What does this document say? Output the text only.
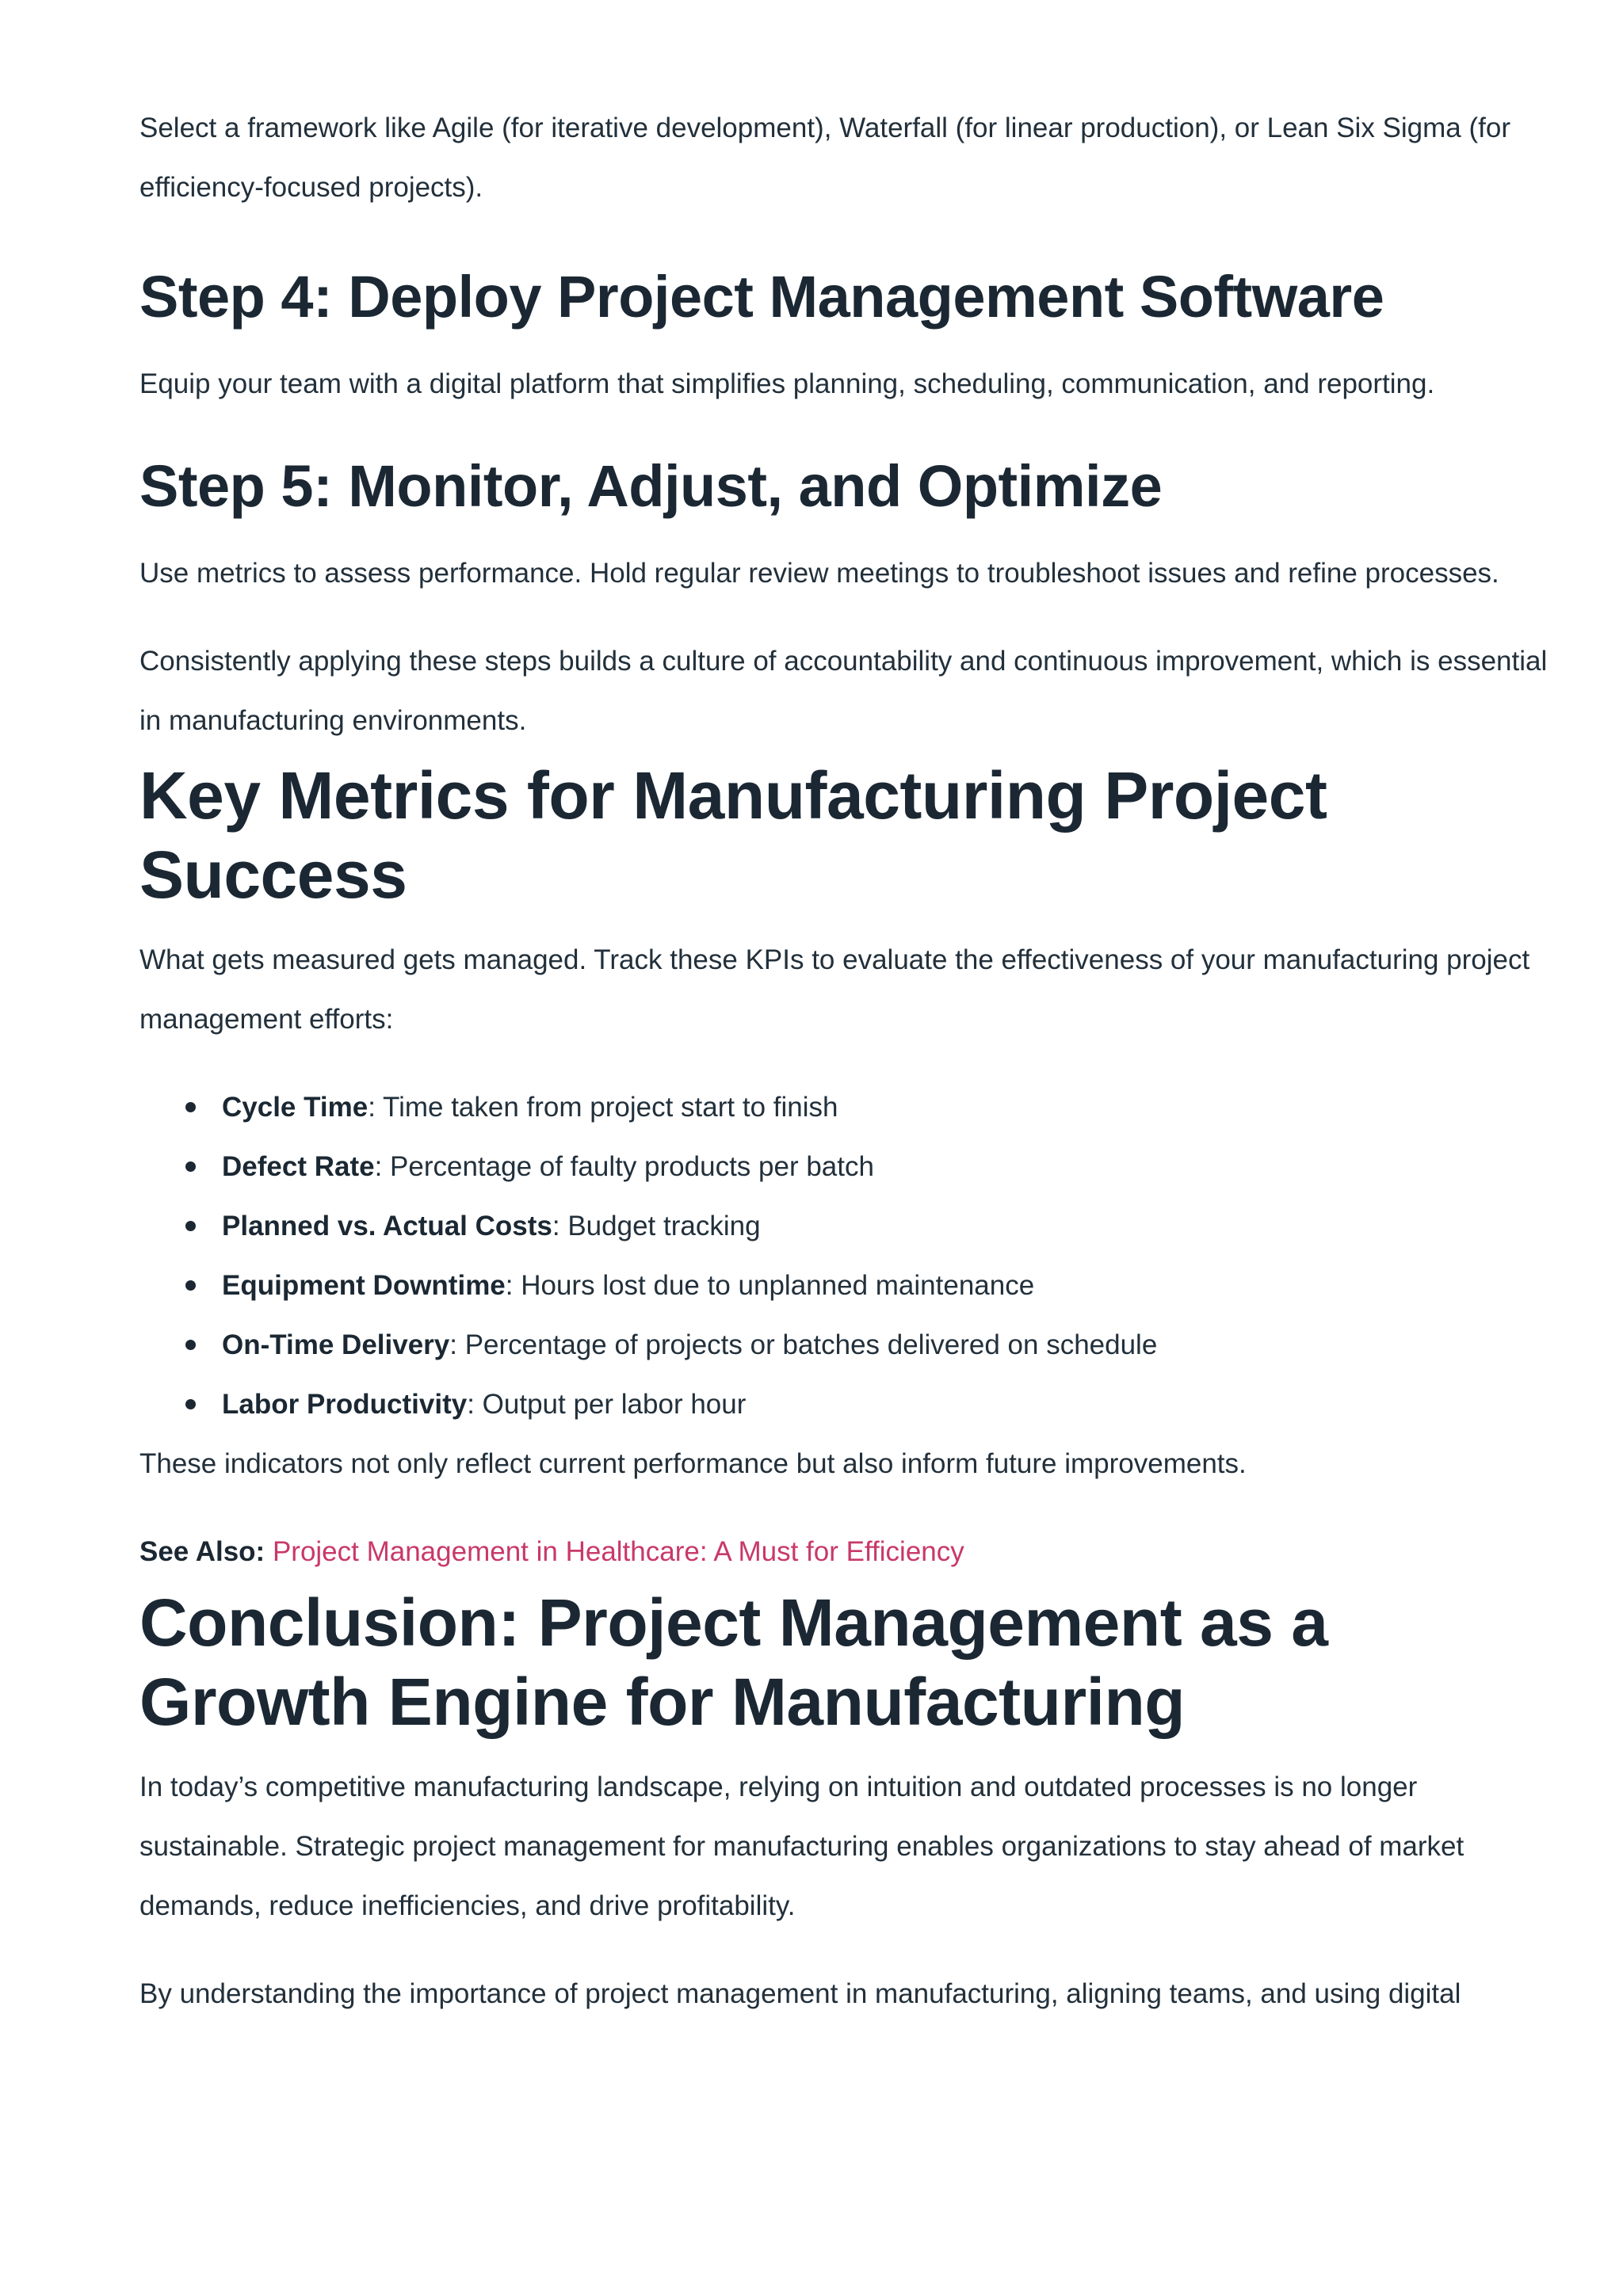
Select a framework like Agile (for iterative development), Waterfall (for linear production), or Lean Six Sigma (for efficiency-focused projects).

Step 4: Deploy Project Management Software

Equip your team with a digital platform that simplifies planning, scheduling, communication, and reporting.

Step 5: Monitor, Adjust, and Optimize

Use metrics to assess performance. Hold regular review meetings to troubleshoot issues and refine processes.

Consistently applying these steps builds a culture of accountability and continuous improvement, which is essential in manufacturing environments.

Key Metrics for Manufacturing Project Success

What gets measured gets managed. Track these KPIs to evaluate the effectiveness of your manufacturing project management efforts:

Cycle Time: Time taken from project start to finish
Defect Rate: Percentage of faulty products per batch
Planned vs. Actual Costs: Budget tracking
Equipment Downtime: Hours lost due to unplanned maintenance
On-Time Delivery: Percentage of projects or batches delivered on schedule
Labor Productivity: Output per labor hour

These indicators not only reflect current performance but also inform future improvements.

See Also: Project Management in Healthcare: A Must for Efficiency

Conclusion: Project Management as a Growth Engine for Manufacturing

In today’s competitive manufacturing landscape, relying on intuition and outdated processes is no longer sustainable. Strategic project management for manufacturing enables organizations to stay ahead of market demands, reduce inefficiencies, and drive profitability.

By understanding the importance of project management in manufacturing, aligning teams, and using digital
